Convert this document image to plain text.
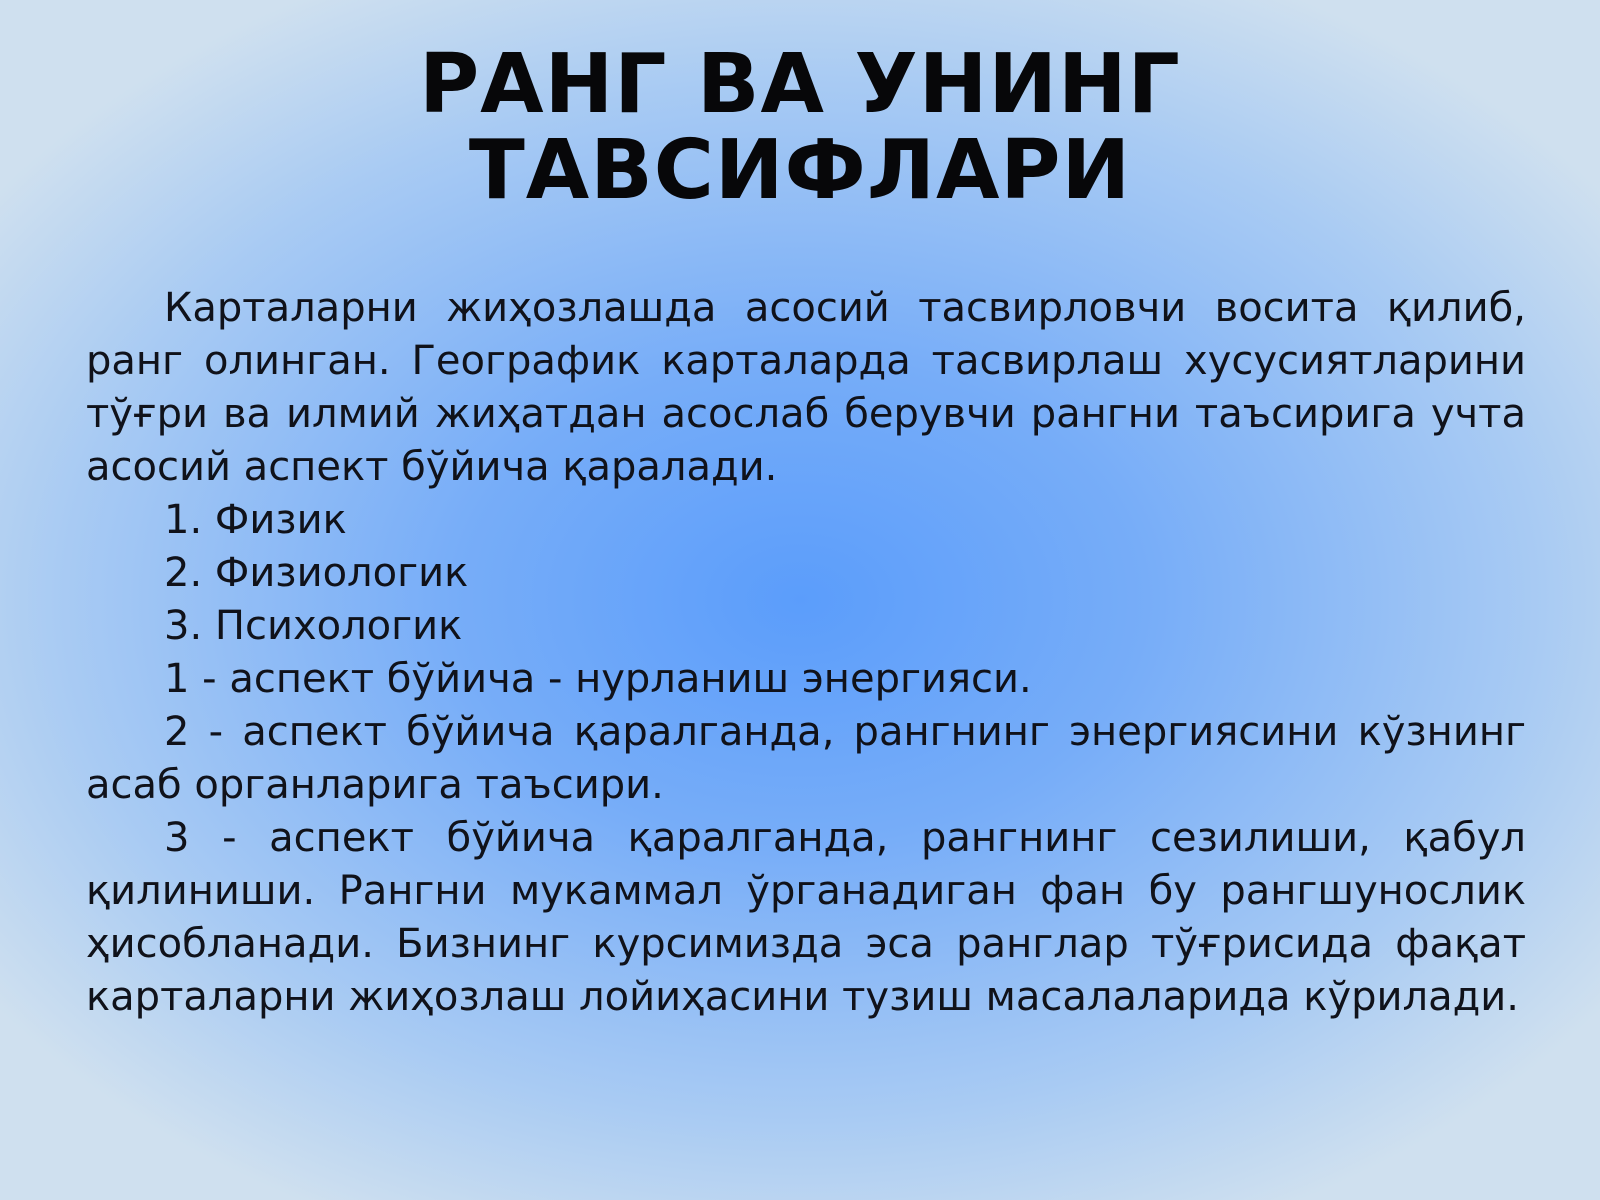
РАНГ ВА УНИНГ
ТАВСИФЛАРИ

Карталарни жиҳозлашда асосий тасвирловчи восита қилиб, ранг олинган. Географик карталарда тасвирлаш хусусиятларини тўғри ва илмий жиҳатдан асослаб берувчи рангни таъсирига учта асосий аспект бўйича қаралади.

1. Физик

2. Физиологик

3. Психологик

1 - аспект бўйича - нурланиш энергияси.

2 - аспект бўйича қаралганда, рангнинг энергиясини кўзнинг асаб органларига таъсири.

3 - аспект бўйича қаралганда, рангнинг сезилиши, қабул қилиниши. Рангни мукаммал ўрганадиган фан бу рангшунослик ҳисобланади. Бизнинг курсимизда эса ранглар тўғрисида фақат карталарни жиҳозлаш лойиҳасини тузиш масалаларида кўрилади.
